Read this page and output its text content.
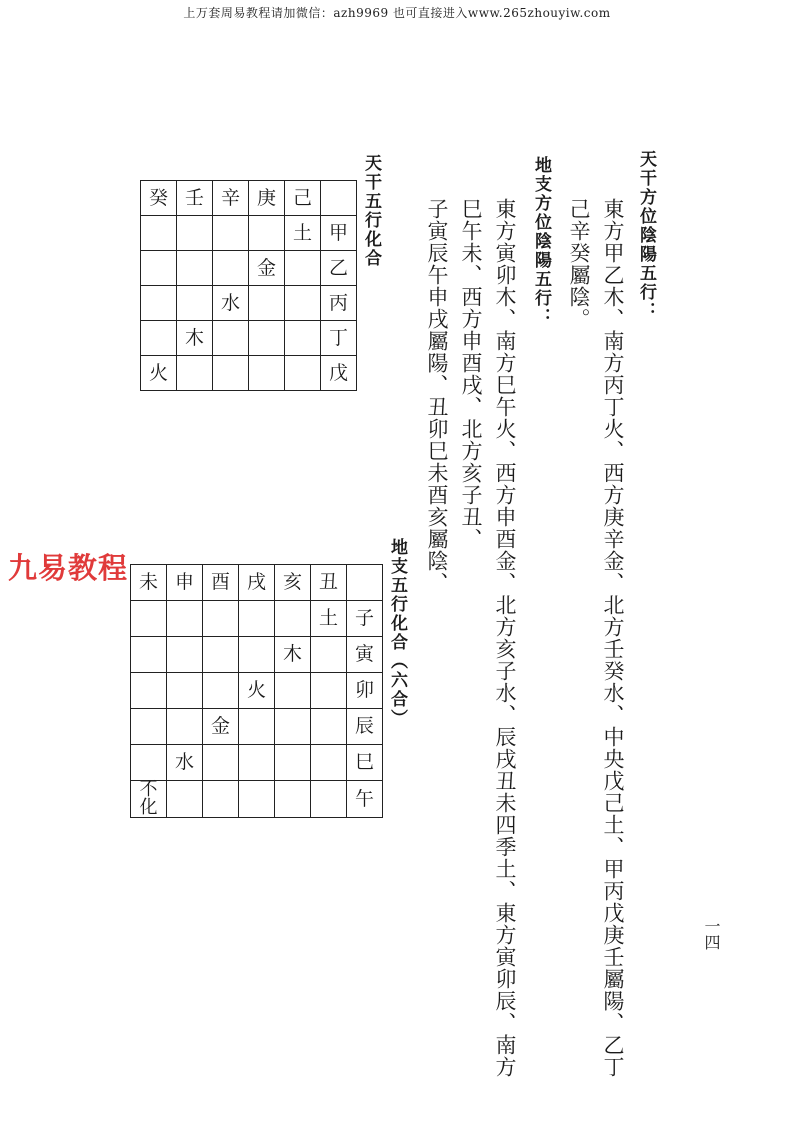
上万套周易教程请加微信：azh9969 也可直接进入www.265zhouyiw.com
天干方位陰陽五行：
東方甲乙木、南方丙丁火、西方庚辛金、北方壬癸水、中央戊己土、甲丙戊庚壬屬陽、乙丁
己辛癸屬陰。
地支方位陰陽五行：
東方寅卯木、南方巳午火、西方申酉金、北方亥子水、辰戌丑未四季土、東方寅卯辰、南方
巳午未、西方申酉戌、北方亥子丑、
子寅辰午申戌屬陽、丑卯巳未酉亥屬陰、
一四
天干五行化合
癸	壬	辛	庚	己	
				土	甲
			金		乙
		水			丙
	木				丁
火					戊
九易教程	地支五行化合（六合）
未	申	酉	戌	亥	丑	
					土	子
				木		寅
			火			卯
		金				辰
	水					巳
不化						午
